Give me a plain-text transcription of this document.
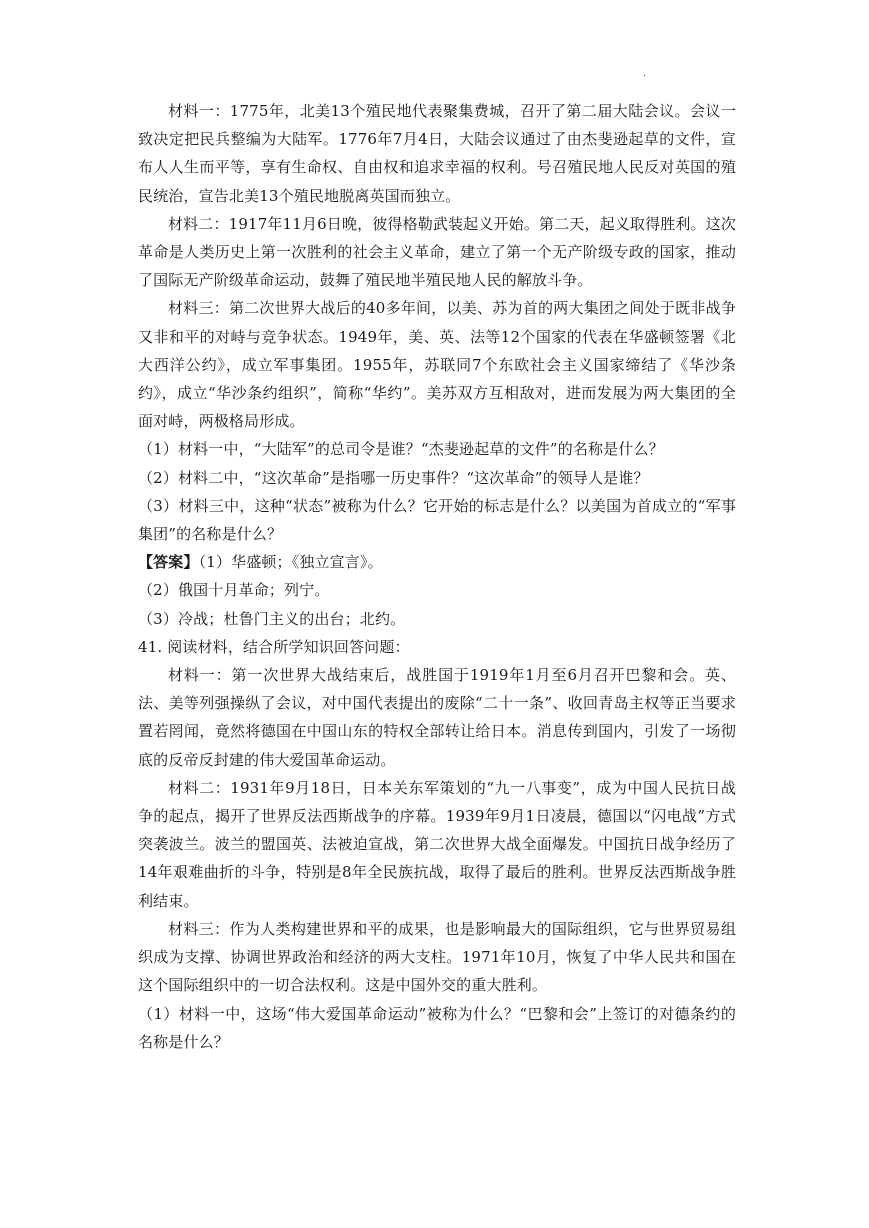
·

材料一：1775年，北美13个殖民地代表聚集费城，召开了第二届大陆会议。会议一致决定把民兵整编为大陆军。1776年7月4日，大陆会议通过了由杰斐逊起草的文件，宣布人人生而平等，享有生命权、自由权和追求幸福的权利。号召殖民地人民反对英国的殖民统治，宣告北美13个殖民地脱离英国而独立。

材料二：1917年11月6日晚，彼得格勒武装起义开始。第二天，起义取得胜利。这次革命是人类历史上第一次胜利的社会主义革命，建立了第一个无产阶级专政的国家，推动了国际无产阶级革命运动，鼓舞了殖民地半殖民地人民的解放斗争。

材料三：第二次世界大战后的40多年间，以美、苏为首的两大集团之间处于既非战争又非和平的对峙与竞争状态。1949年，美、英、法等12个国家的代表在华盛顿签署《北大西洋公约》，成立军事集团。1955年，苏联同7个东欧社会主义国家缔结了《华沙条约》，成立“华沙条约组织”，简称“华约”。美苏双方互相敌对，进而发展为两大集团的全面对峙，两极格局形成。

（1）材料一中，“大陆军”的总司令是谁？“杰斐逊起草的文件”的名称是什么？

（2）材料二中，“这次革命”是指哪一历史事件？“这次革命”的领导人是谁？

（3）材料三中，这种“状态”被称为什么？它开始的标志是什么？以美国为首成立的“军事集团”的名称是什么？

【答案】（1）华盛顿；《独立宣言》。

（2）俄国十月革命；列宁。

（3）冷战；杜鲁门主义的出台；北约。

41. 阅读材料，结合所学知识回答问题：

材料一：第一次世界大战结束后，战胜国于1919年1月至6月召开巴黎和会。英、法、美等列强操纵了会议，对中国代表提出的废除“二十一条”、收回青岛主权等正当要求置若罔闻，竟然将德国在中国山东的特权全部转让给日本。消息传到国内，引发了一场彻底的反帝反封建的伟大爱国革命运动。

材料二：1931年9月18日，日本关东军策划的“九一八事变”，成为中国人民抗日战争的起点，揭开了世界反法西斯战争的序幕。1939年9月1日凌晨，德国以“闪电战”方式突袭波兰。波兰的盟国英、法被迫宣战，第二次世界大战全面爆发。中国抗日战争经历了14年艰难曲折的斗争，特别是8年全民族抗战，取得了最后的胜利。世界反法西斯战争胜利结束。

材料三：作为人类构建世界和平的成果，也是影响最大的国际组织，它与世界贸易组织成为支撑、协调世界政治和经济的两大支柱。1971年10月，恢复了中华人民共和国在这个国际组织中的一切合法权利。这是中国外交的重大胜利。

（1）材料一中，这场“伟大爱国革命运动”被称为什么？“巴黎和会”上签订的对德条约的名称是什么？
